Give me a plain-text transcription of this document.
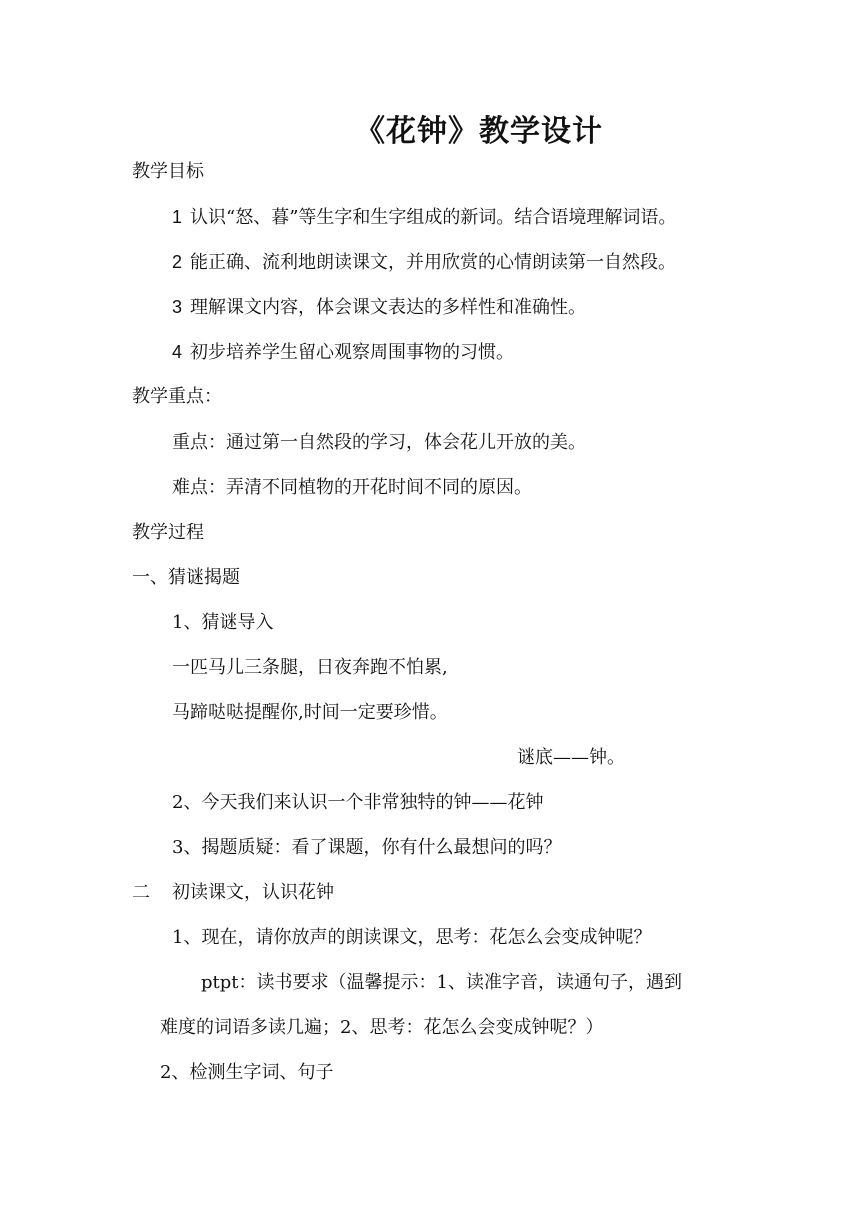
《花钟》教学设计
教学目标
1 认识“怒、暮”等生字和生字组成的新词。结合语境理解词语。
2 能正确、流利地朗读课文，并用欣赏的心情朗读第一自然段。
3 理解课文内容，体会课文表达的多样性和准确性。
4 初步培养学生留心观察周围事物的习惯。
教学重点：
重点：通过第一自然段的学习，体会花儿开放的美。
难点：弄清不同植物的开花时间不同的原因。
教学过程
一、猜谜揭题
1、猜谜导入
一匹马儿三条腿，日夜奔跑不怕累,
马蹄哒哒提醒你,时间一定要珍惜。
谜底——钟。
2、今天我们来认识一个非常独特的钟——花钟
3、揭题质疑：看了课题，你有什么最想问的吗？
二 初读课文，认识花钟
1、现在，请你放声的朗读课文，思考：花怎么会变成钟呢？
ptpt：读书要求（温馨提示：1、读准字音，读通句子，遇到
难度的词语多读几遍；2、思考：花怎么会变成钟呢？）
2、检测生字词、句子
